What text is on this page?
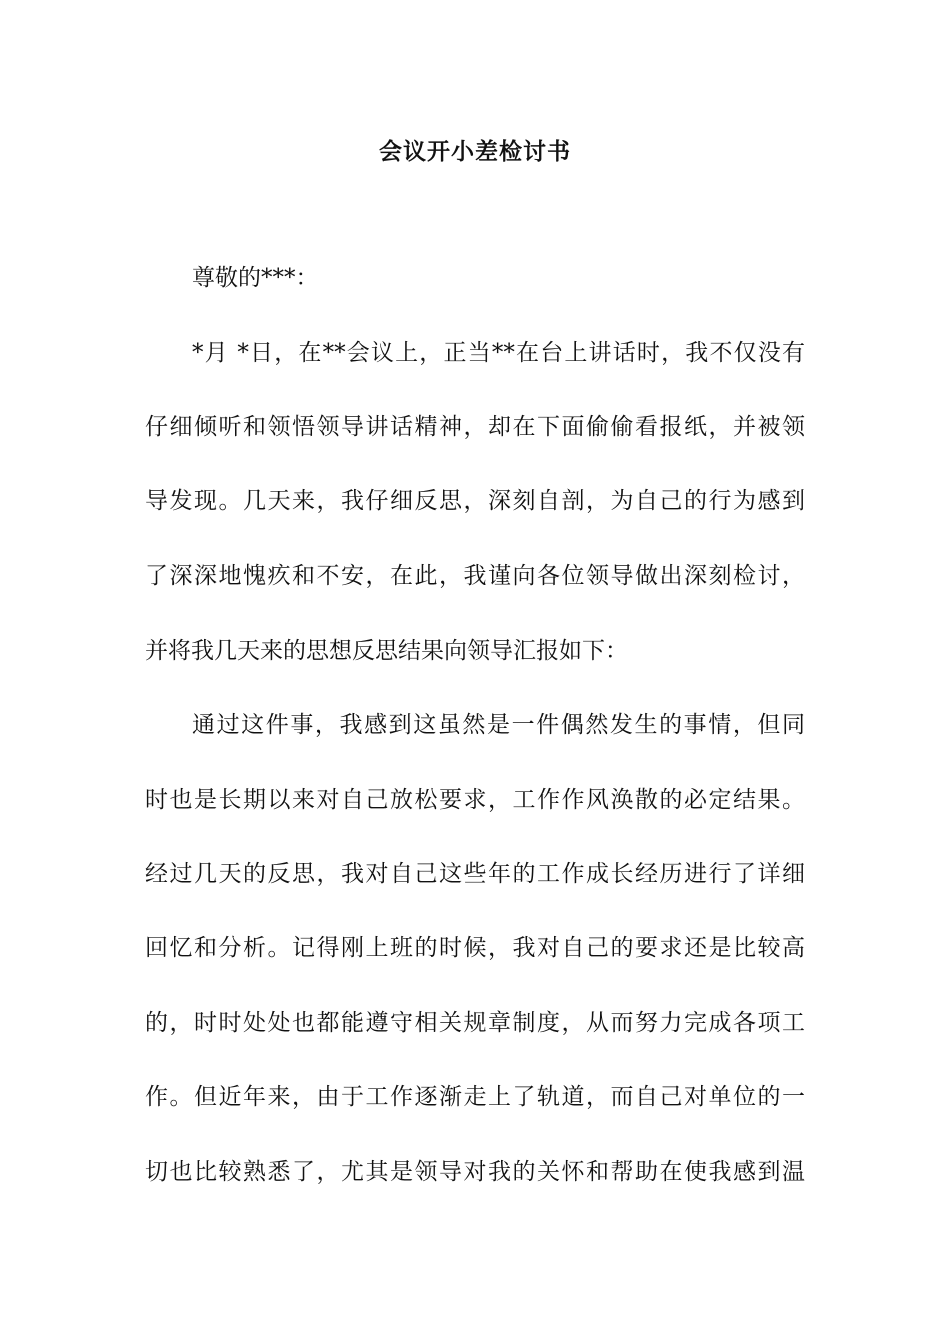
会议开小差检讨书
尊敬的***：
*月 *日，在**会议上，正当**在台上讲话时，我不仅没有
仔细倾听和领悟领导讲话精神，却在下面偷偷看报纸，并被领
导发现。几天来，我仔细反思，深刻自剖，为自己的行为感到
了深深地愧疚和不安，在此，我谨向各位领导做出深刻检讨，
并将我几天来的思想反思结果向领导汇报如下：
通过这件事，我感到这虽然是一件偶然发生的事情，但同
时也是长期以来对自己放松要求，工作作风涣散的必定结果。
经过几天的反思，我对自己这些年的工作成长经历进行了详细
回忆和分析。记得刚上班的时候，我对自己的要求还是比较高
的，时时处处也都能遵守相关规章制度，从而努力完成各项工
作。但近年来，由于工作逐渐走上了轨道，而自己对单位的一
切也比较熟悉了，尤其是领导对我的关怀和帮助在使我感到温
